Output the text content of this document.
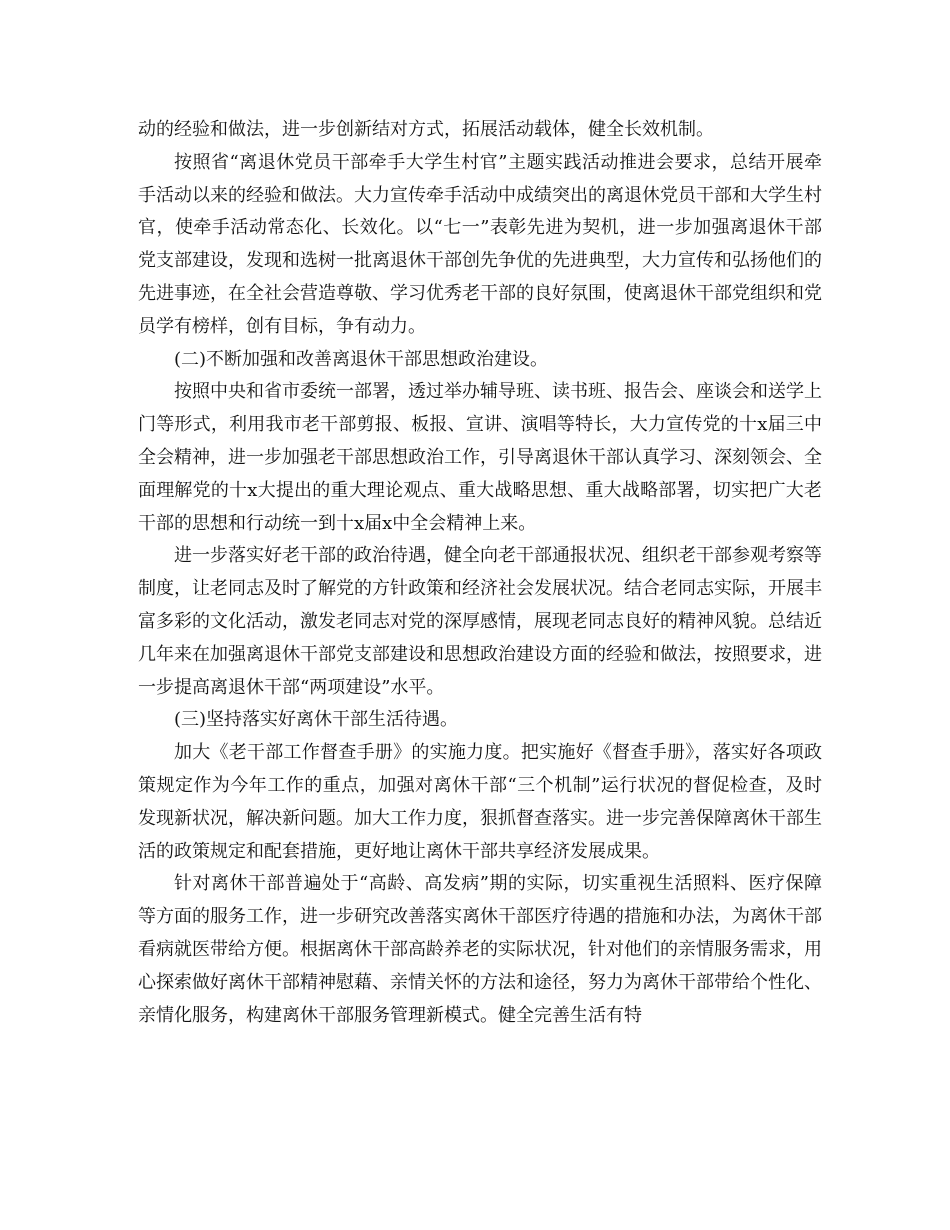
动的经验和做法，进一步创新结对方式，拓展活动载体，健全长效机制。

按照省“离退休党员干部牵手大学生村官”主题实践活动推进会要求，总结开展牵手活动以来的经验和做法。大力宣传牵手活动中成绩突出的离退休党员干部和大学生村官，使牵手活动常态化、长效化。以“七一”表彰先进为契机，进一步加强离退休干部党支部建设，发现和选树一批离退休干部创先争优的先进典型，大力宣传和弘扬他们的先进事迹，在全社会营造尊敬、学习优秀老干部的良好氛围，使离退休干部党组织和党员学有榜样，创有目标，争有动力。

(二)不断加强和改善离退休干部思想政治建设。

按照中央和省市委统一部署，透过举办辅导班、读书班、报告会、座谈会和送学上门等形式，利用我市老干部剪报、板报、宣讲、演唱等特长，大力宣传党的十x届三中全会精神，进一步加强老干部思想政治工作，引导离退休干部认真学习、深刻领会、全面理解党的十x大提出的重大理论观点、重大战略思想、重大战略部署，切实把广大老干部的思想和行动统一到十x届x中全会精神上来。

进一步落实好老干部的政治待遇，健全向老干部通报状况、组织老干部参观考察等制度，让老同志及时了解党的方针政策和经济社会发展状况。结合老同志实际，开展丰富多彩的文化活动，激发老同志对党的深厚感情，展现老同志良好的精神风貌。总结近几年来在加强离退休干部党支部建设和思想政治建设方面的经验和做法，按照要求，进一步提高离退休干部“两项建设”水平。

(三)坚持落实好离休干部生活待遇。

加大《老干部工作督查手册》的实施力度。把实施好《督查手册》，落实好各项政策规定作为今年工作的重点，加强对离休干部“三个机制”运行状况的督促检查，及时发现新状况，解决新问题。加大工作力度，狠抓督查落实。进一步完善保障离休干部生活的政策规定和配套措施，更好地让离休干部共享经济发展成果。

针对离休干部普遍处于“高龄、高发病”期的实际，切实重视生活照料、医疗保障等方面的服务工作，进一步研究改善落实离休干部医疗待遇的措施和办法，为离休干部看病就医带给方便。根据离休干部高龄养老的实际状况，针对他们的亲情服务需求，用心探索做好离休干部精神慰藉、亲情关怀的方法和途径，努力为离休干部带给个性化、亲情化服务，构建离休干部服务管理新模式。健全完善生活有特
